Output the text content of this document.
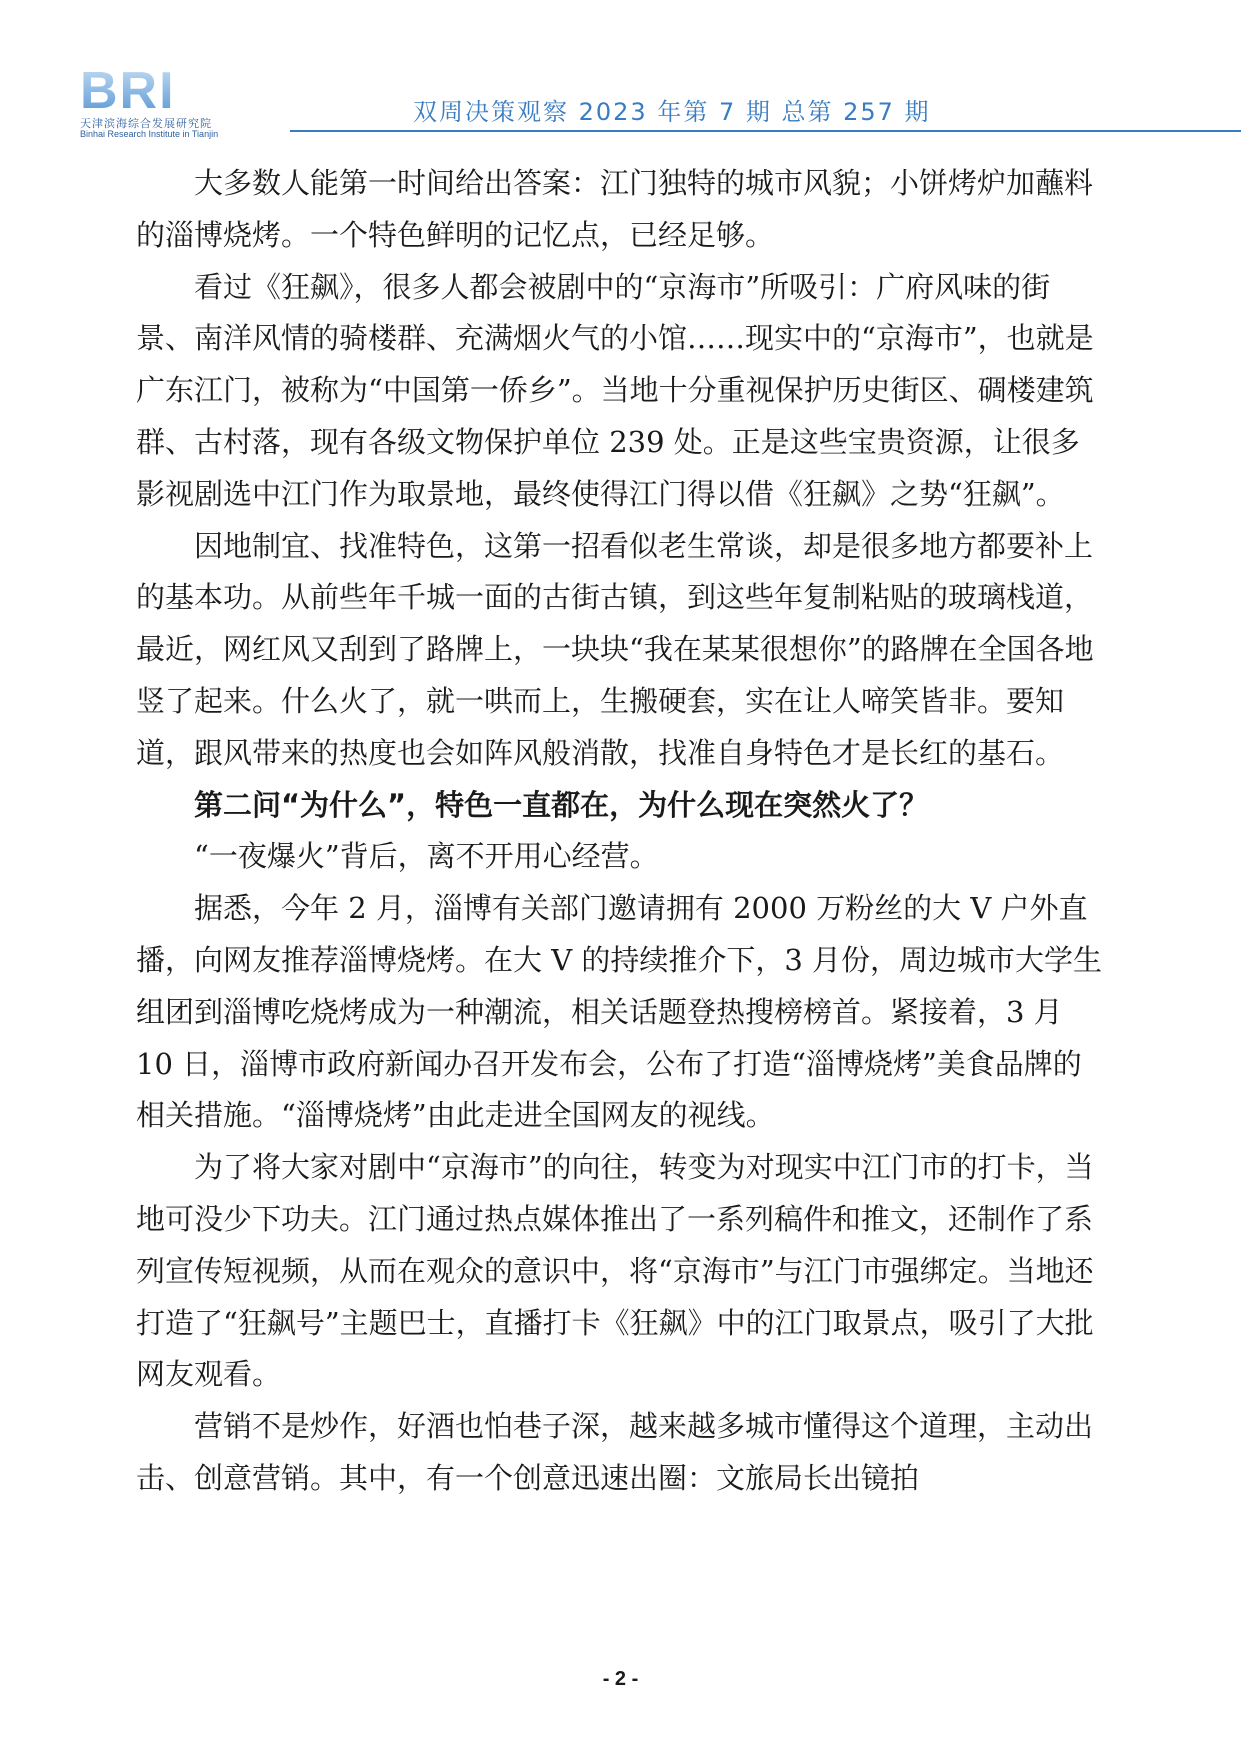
BRI
天津滨海综合发展研究院
Binhai Research Institute in Tianjin
双周决策观察 2023 年第 7 期 总第 257 期

大多数人能第一时间给出答案：江门独特的城市风貌；小饼烤炉加蘸料的淄博烧烤。一个特色鲜明的记忆点，已经足够。

看过《狂飙》，很多人都会被剧中的“京海市”所吸引：广府风味的街景、南洋风情的骑楼群、充满烟火气的小馆……现实中的“京海市”，也就是广东江门，被称为“中国第一侨乡”。当地十分重视保护历史街区、碉楼建筑群、古村落，现有各级文物保护单位 239 处。正是这些宝贵资源，让很多影视剧选中江门作为取景地，最终使得江门得以借《狂飙》之势“狂飙”。

因地制宜、找准特色，这第一招看似老生常谈，却是很多地方都要补上的基本功。从前些年千城一面的古街古镇，到这些年复制粘贴的玻璃栈道，最近，网红风又刮到了路牌上，一块块“我在某某很想你”的路牌在全国各地竖了起来。什么火了，就一哄而上，生搬硬套，实在让人啼笑皆非。要知道，跟风带来的热度也会如阵风般消散，找准自身特色才是长红的基石。

第二问“为什么”，特色一直都在，为什么现在突然火了？

“一夜爆火”背后，离不开用心经营。

据悉，今年 2 月，淄博有关部门邀请拥有 2000 万粉丝的大 V 户外直播，向网友推荐淄博烧烤。在大 V 的持续推介下，3 月份，周边城市大学生组团到淄博吃烧烤成为一种潮流，相关话题登热搜榜榜首。紧接着，3 月 10 日，淄博市政府新闻办召开发布会，公布了打造“淄博烧烤”美食品牌的相关措施。“淄博烧烤”由此走进全国网友的视线。

为了将大家对剧中“京海市”的向往，转变为对现实中江门市的打卡，当地可没少下功夫。江门通过热点媒体推出了一系列稿件和推文，还制作了系列宣传短视频，从而在观众的意识中，将“京海市”与江门市强绑定。当地还打造了“狂飙号”主题巴士，直播打卡《狂飙》中的江门取景点，吸引了大批网友观看。

营销不是炒作，好酒也怕巷子深，越来越多城市懂得这个道理，主动出击、创意营销。其中，有一个创意迅速出圈：文旅局长出镜拍

- 2 -
